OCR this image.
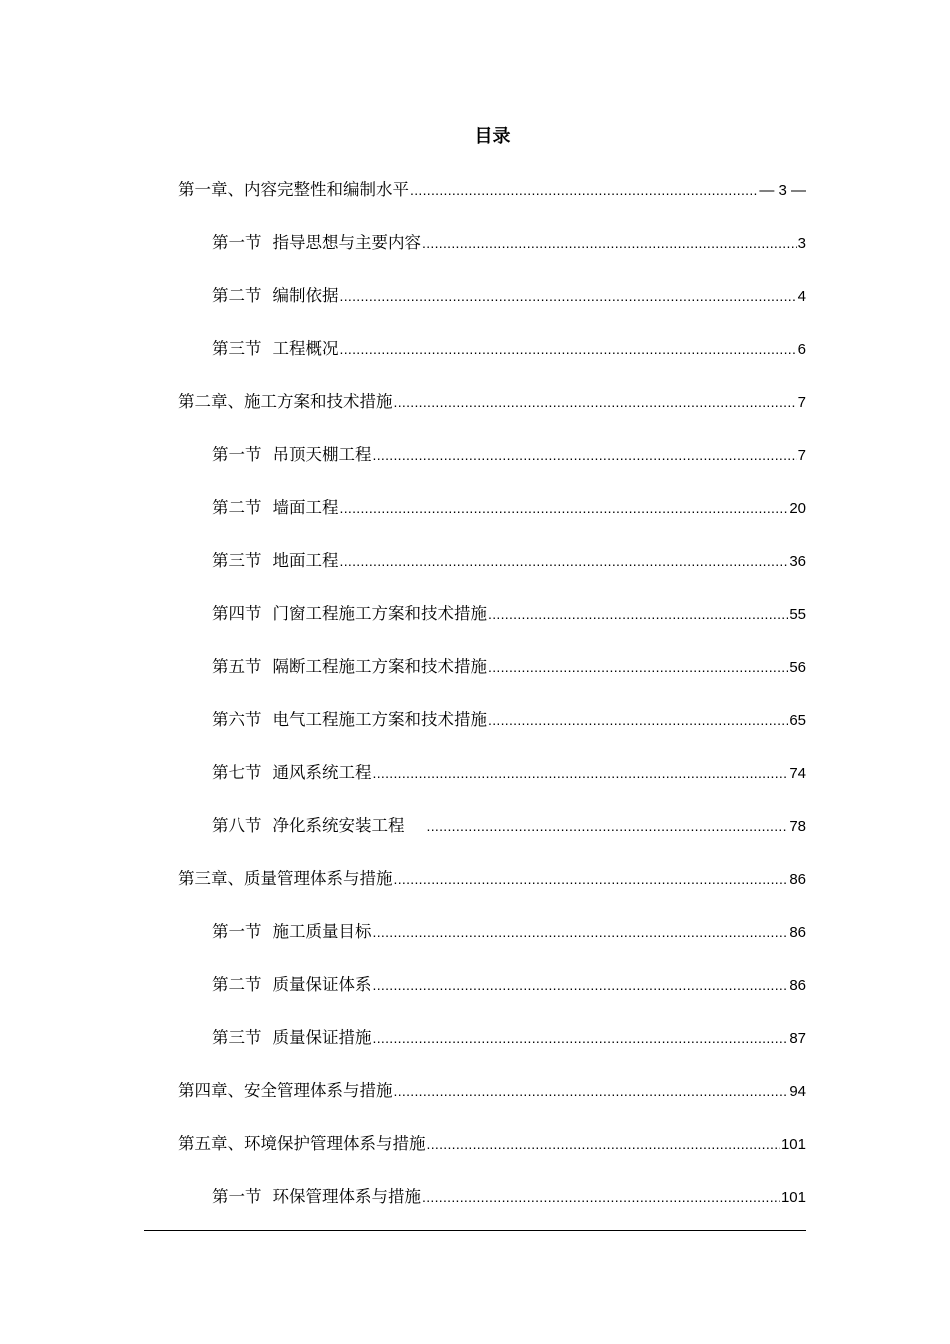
目录
第一章、内容完整性和编制水平 .....	— 3 —
第一节 指导思想与主要内容 .....	3
第二节 编制依据 .....	4
第三节 工程概况 .....	6
第二章、施工方案和技术措施 .....	7
第一节 吊顶天棚工程 .....	7
第二节 墙面工程 .....	20
第三节 地面工程 .....	36
第四节 门窗工程施工方案和技术措施 .....	55
第五节 隔断工程施工方案和技术措施 .....	56
第六节 电气工程施工方案和技术措施 .....	65
第七节 通风系统工程 .....	74
第八节 净化系统安装工程 .....	78
第三章、质量管理体系与措施 .....	86
第一节 施工质量目标 .....	86
第二节 质量保证体系 .....	86
第三节 质量保证措施 .....	87
第四章、安全管理体系与措施 .....	94
第五章、环境保护管理体系与措施 .....	101
第一节 环保管理体系与措施 .....	101
